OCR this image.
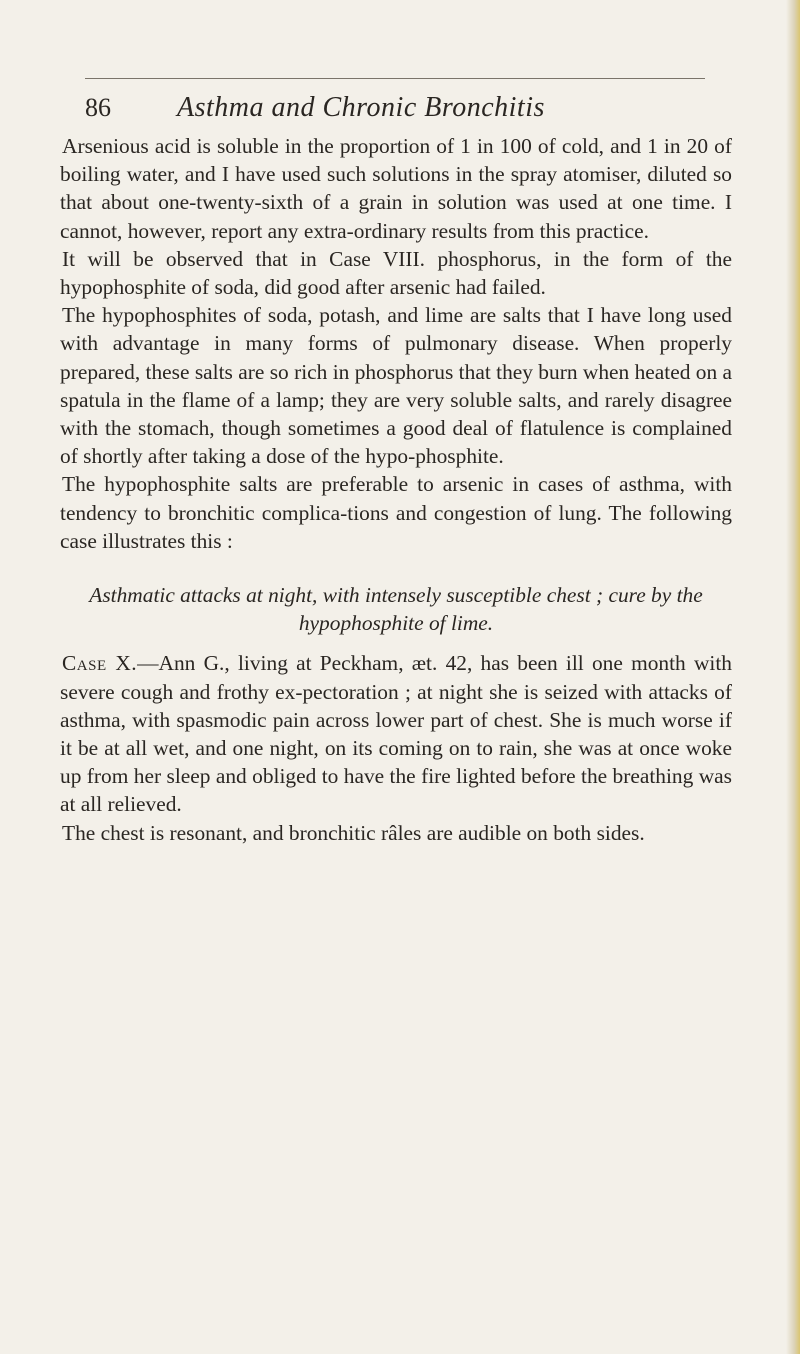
86 Asthma and Chronic Bronchitis

Arsenious acid is soluble in the proportion of 1 in 100 of cold, and 1 in 20 of boiling water, and I have used such solutions in the spray atomiser, diluted so that about one-twenty-sixth of a grain in solution was used at one time. I cannot, however, report any extra-ordinary results from this practice.

It will be observed that in Case VIII. phosphorus, in the form of the hypophosphite of soda, did good after arsenic had failed.

The hypophosphites of soda, potash, and lime are salts that I have long used with advantage in many forms of pulmonary disease. When properly prepared, these salts are so rich in phosphorus that they burn when heated on a spatula in the flame of a lamp; they are very soluble salts, and rarely disagree with the stomach, though sometimes a good deal of flatulence is complained of shortly after taking a dose of the hypo-phosphite.

The hypophosphite salts are preferable to arsenic in cases of asthma, with tendency to bronchitic complica-tions and congestion of lung. The following case illustrates this :

Asthmatic attacks at night, with intensely susceptible chest ; cure by the hypophosphite of lime.

Case X.—Ann G., living at Peckham, æt. 42, has been ill one month with severe cough and frothy ex-pectoration ; at night she is seized with attacks of asthma, with spasmodic pain across lower part of chest. She is much worse if it be at all wet, and one night, on its coming on to rain, she was at once woke up from her sleep and obliged to have the fire lighted before the breathing was at all relieved.

The chest is resonant, and bronchitic râles are audible on both sides.
